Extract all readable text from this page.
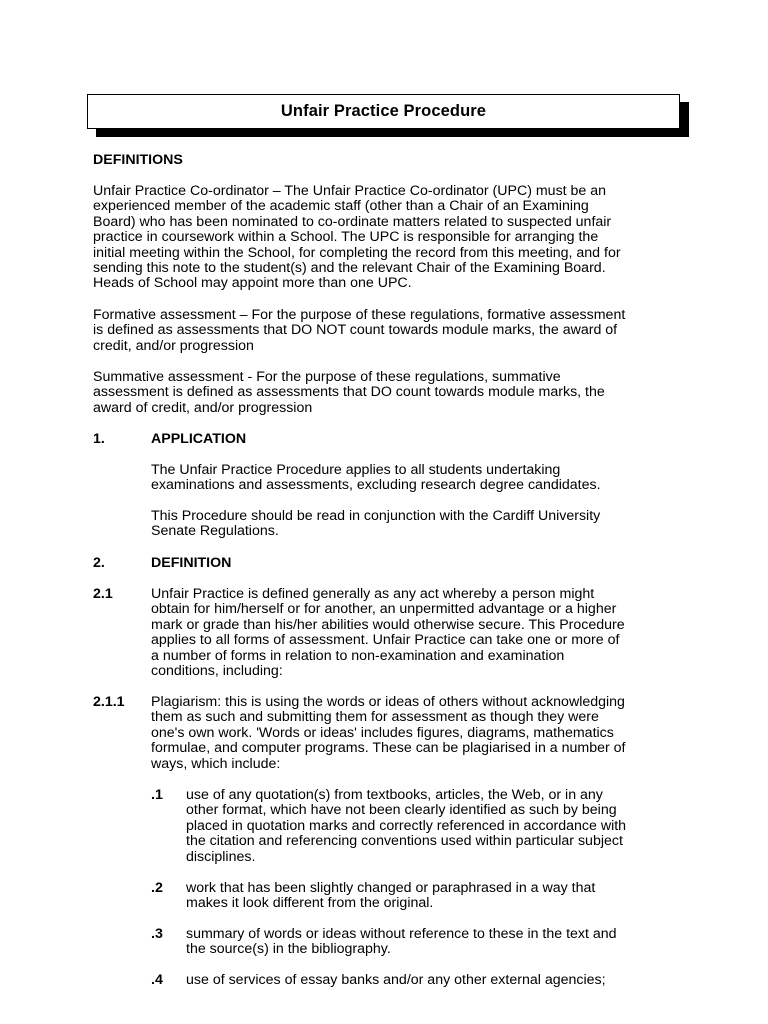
Unfair Practice Procedure

DEFINITIONS

Unfair Practice Co-ordinator – The Unfair Practice Co-ordinator (UPC) must be an
experienced member of the academic staff (other than a Chair of an Examining
Board) who has been nominated to co-ordinate matters related to suspected unfair
practice in coursework within a School. The UPC is responsible for arranging the
initial meeting within the School, for completing the record from this meeting, and for
sending this note to the student(s) and the relevant Chair of the Examining Board.
Heads of School may appoint more than one UPC.

Formative assessment – For the purpose of these regulations, formative assessment
is defined as assessments that DO NOT count towards module marks, the award of
credit, and/or progression

Summative assessment - For the purpose of these regulations, summative
assessment is defined as assessments that DO count towards module marks, the
award of credit, and/or progression

1.	APPLICATION

The Unfair Practice Procedure applies to all students undertaking
examinations and assessments, excluding research degree candidates.

This Procedure should be read in conjunction with the Cardiff University
Senate Regulations.

2.	DEFINITION

2.1	Unfair Practice is defined generally as any act whereby a person might
obtain for him/herself or for another, an unpermitted advantage or a higher
mark or grade than his/her abilities would otherwise secure. This Procedure
applies to all forms of assessment. Unfair Practice can take one or more of
a number of forms in relation to non-examination and examination
conditions, including:

2.1.1 Plagiarism: this is using the words or ideas of others without acknowledging
them as such and submitting them for assessment as though they were
one's own work. 'Words or ideas' includes figures, diagrams, mathematics
formulae, and computer programs. These can be plagiarised in a number of
ways, which include:

.1 use of any quotation(s) from textbooks, articles, the Web, or in any
other format, which have not been clearly identified as such by being
placed in quotation marks and correctly referenced in accordance with
the citation and referencing conventions used within particular subject
disciplines.

.2 work that has been slightly changed or paraphrased in a way that
makes it look different from the original.

.3 summary of words or ideas without reference to these in the text and
the source(s) in the bibliography.

.4 use of services of essay banks and/or any other external agencies;
